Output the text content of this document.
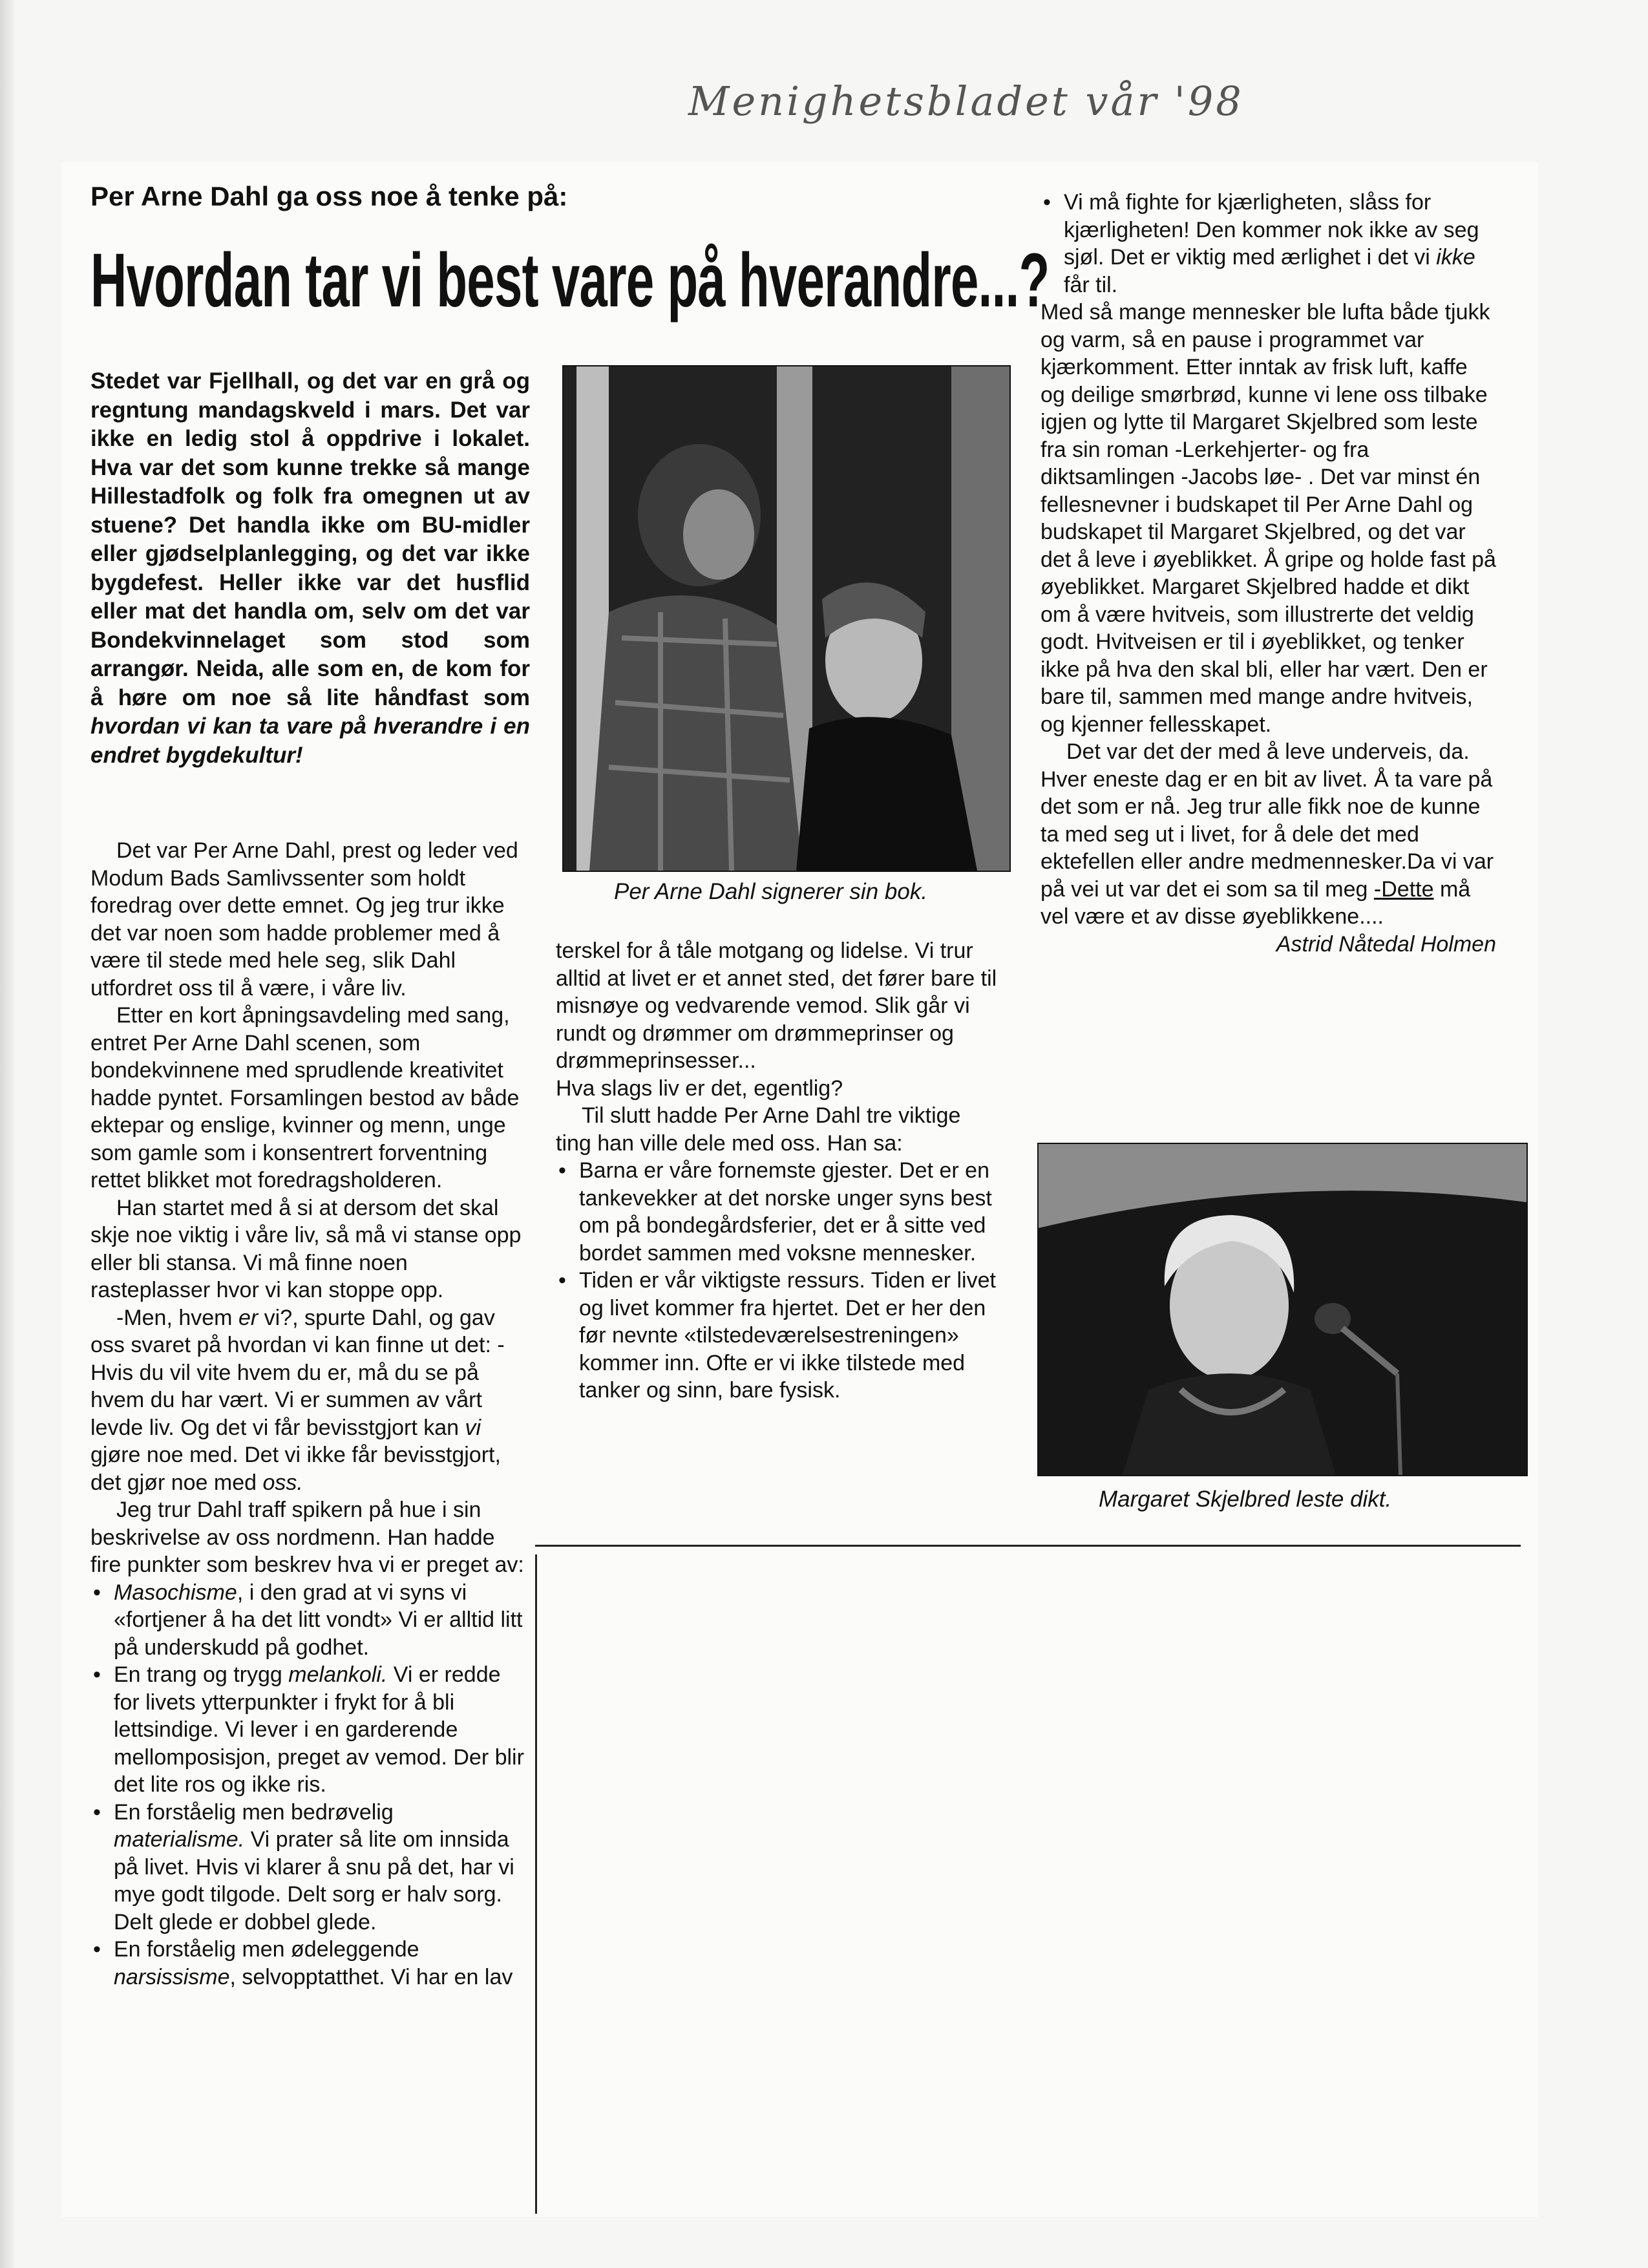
Menighetsbladet vår '98
Per Arne Dahl ga oss noe å tenke på:
Hvordan tar vi best vare på hverandre...?
Stedet var Fjellhall, og det var en grå og regntung mandagskveld i mars. Det var ikke en ledig stol å oppdrive i lokalet. Hva var det som kunne trekke så mange Hillestadfolk og folk fra omegnen ut av stuene? Det handla ikke om BU-midler eller gjødselplanlegging, og det var ikke bygdefest. Heller ikke var det husflid eller mat det handla om, selv om det var Bondekvinnelaget som stod som arrangør. Neida, alle som en, de kom for å høre om noe så lite håndfast som hvordan vi kan ta vare på hverandre i en endret bygdekultur!

Det var Per Arne Dahl, prest og leder ved Modum Bads Samlivssenter som holdt foredrag over dette emnet. Og jeg trur ikke det var noen som hadde problemer med å være til stede med hele seg, slik Dahl utfordret oss til å være, i våre liv.

Etter en kort åpningsavdeling med sang, entret Per Arne Dahl scenen, som bondekvinnene med sprudlende kreativitet hadde pyntet. Forsamlingen bestod av både ektepar og enslige, kvinner og menn, unge som gamle som i konsentrert forventning rettet blikket mot foredragsholderen.

Han startet med å si at dersom det skal skje noe viktig i våre liv, så må vi stanse opp eller bli stansa. Vi må finne noen rasteplasser hvor vi kan stoppe opp.

-Men, hvem er vi?, spurte Dahl, og gav oss svaret på hvordan vi kan finne ut det: -Hvis du vil vite hvem du er, må du se på hvem du har vært. Vi er summen av vårt levde liv. Og det vi får bevisstgjort kan vi gjøre noe med. Det vi ikke får bevisstgjort, det gjør noe med oss.

Jeg trur Dahl traff spikern på hue i sin beskrivelse av oss nordmenn. Han hadde fire punkter som beskrev hva vi er preget av:

• Masochisme, i den grad at vi syns vi «fortjener å ha det litt vondt» Vi er alltid litt på underskudd på godhet.
• En trang og trygg melankoli. Vi er redde for livets ytterpunkter i frykt for å bli lettsindige. Vi lever i en garderende mellomposisjon, preget av vemod. Der blir det lite ros og ikke ris.
• En forståelig men bedrøvelig materialisme. Vi prater så lite om innsida på livet. Hvis vi klarer å snu på det, har vi mye godt tilgode. Delt sorg er halv sorg. Delt glede er dobbel glede.
• En forståelig men ødeleggende narsissisme, selvopptatthet. Vi har en lav
Per Arne Dahl signerer sin bok.

terskel for å tåle motgang og lidelse. Vi trur alltid at livet er et annet sted, det fører bare til misnøye og vedvarende vemod. Slik går vi rundt og drømmer om drømmeprinser og drømmeprinsesser...

Hva slags liv er det, egentlig?

Til slutt hadde Per Arne Dahl tre viktige ting han ville dele med oss. Han sa:

• Barna er våre fornemste gjester. Det er en tankevekker at det norske unger syns best om på bondegårdsferier, det er å sitte ved bordet sammen med voksne mennesker.
• Tiden er vår viktigste ressurs. Tiden er livet og livet kommer fra hjertet. Det er her den før nevnte «tilstedeværelsestreningen» kommer inn. Ofte er vi ikke tilstede med tanker og sinn, bare fysisk.
• Vi må fighte for kjærligheten, slåss for kjærligheten! Den kommer nok ikke av seg sjøl. Det er viktig med ærlighet i det vi ikke får til.

Med så mange mennesker ble lufta både tjukk og varm, så en pause i programmet var kjærkomment. Etter inntak av frisk luft, kaffe og deilige smørbrød, kunne vi lene oss tilbake igjen og lytte til Margaret Skjelbred som leste fra sin roman -Lerkehjerter- og fra diktsamlingen -Jacobs løe- . Det var minst én fellesnevner i budskapet til Per Arne Dahl og budskapet til Margaret Skjelbred, og det var det å leve i øyeblikket. Å gripe og holde fast på øyeblikket. Margaret Skjelbred hadde et dikt om å være hvitveis, som illustrerte det veldig godt. Hvitveisen er til i øyeblikket, og tenker ikke på hva den skal bli, eller har vært. Den er bare til, sammen med mange andre hvitveis, og kjenner fellesskapet.

Det var det der med å leve underveis, da. Hver eneste dag er en bit av livet. Å ta vare på det som er nå. Jeg trur alle fikk noe de kunne ta med seg ut i livet, for å dele det med ektefellen eller andre medmennesker.Da vi var på vei ut var det ei som sa til meg -Dette må vel være et av disse øyeblikkene....

Astrid Nåtedal Holmen
Margaret Skjelbred leste dikt.
